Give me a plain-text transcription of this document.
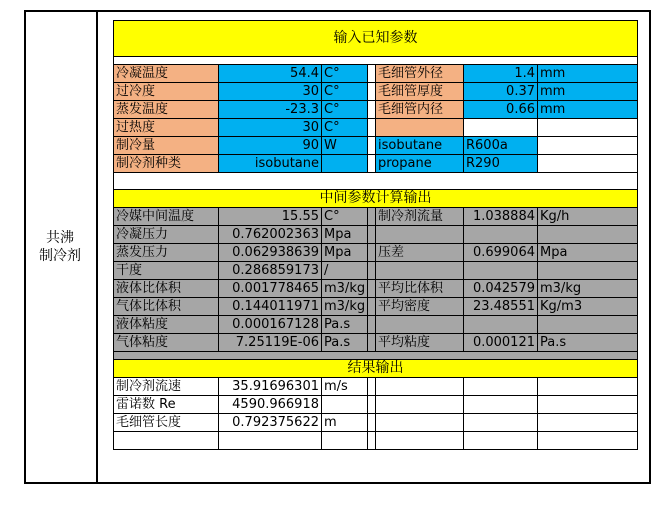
共沸
制冷剂
输入已知参数						

冷凝温度	54.4	C°		毛细管外径	1.4	mm
过冷度	30	C°		毛细管厚度	0.37	mm
蒸发温度	-23.3	C°		毛细管内径	0.66	mm
过热度	30	C°				
制冷量	90	W		isobutane	R600a	
制冷剂种类	isobutane			propane	R290	

中间参数计算输出						
冷媒中间温度	15.55	C°		制冷剂流量	1.038884	Kg/h
冷凝压力	0.762002363	Mpa				
蒸发压力	0.062938639	Mpa		压差	0.699064	Mpa
干度	0.286859173	/				
液体比体积	0.001778465	m3/kg		平均比体积	0.042579	m3/kg
气体比体积	0.144011971	m3/kg		平均密度	23.48551	Kg/m3
液体粘度	0.000167128	Pa.s				
气体粘度	7.25119E-06	Pa.s		平均粘度	0.000121	Pa.s

结果输出						
制冷剂流速	35.91696301	m/s				
雷诺数 Re	4590.966918					
毛细管长度	0.792375622	m				
